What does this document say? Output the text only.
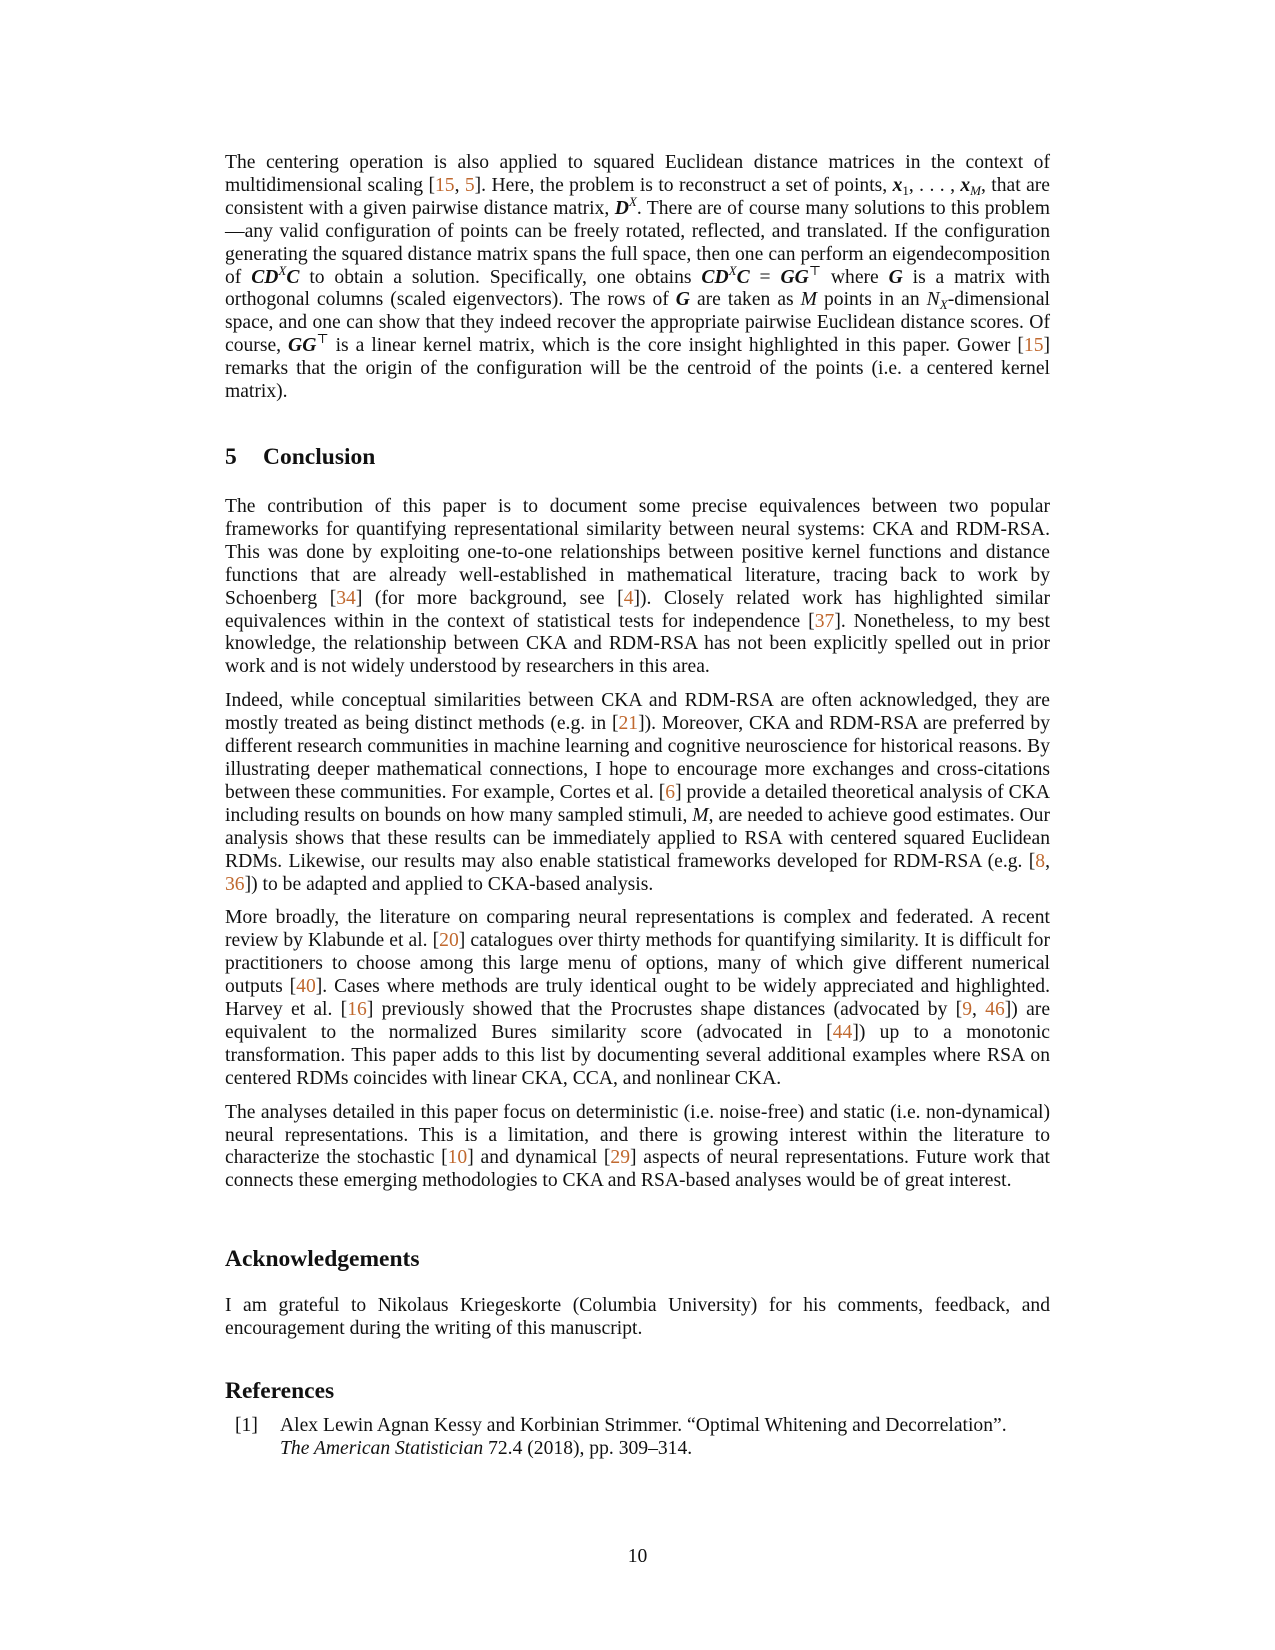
The centering operation is also applied to squared Euclidean distance matrices in the context of multidimensional scaling [15, 5]. Here, the problem is to reconstruct a set of points, $x_1$, . . . , $x_M$, that are consistent with a given pairwise distance matrix, $D^X$. There are of course many solutions to this problem—any valid configuration of points can be freely rotated, reflected, and translated. If the configuration generating the squared distance matrix spans the full space, then one can perform an eigendecomposition of $CD^XC$ to obtain a solution. Specifically, one obtains $CD^XC = GG^⊤$ where G is a matrix with orthogonal columns (scaled eigenvectors). The rows of G are taken as M points in an $N_X$-dimensional space, and one can show that they indeed recover the appropriate pairwise Euclidean distance scores. Of course, GG⊤ is a linear kernel matrix, which is the core insight highlighted in this paper. Gower [15] remarks that the origin of the configuration will be the centroid of the points (i.e. a centered kernel matrix).

5 Conclusion

The contribution of this paper is to document some precise equivalences between two popular frameworks for quantifying representational similarity between neural systems: CKA and RDM-RSA. This was done by exploiting one-to-one relationships between positive kernel functions and distance functions that are already well-established in mathematical literature, tracing back to work by Schoenberg [34] (for more background, see [4]). Closely related work has highlighted similar equivalences within in the context of statistical tests for independence [37]. Nonetheless, to my best knowledge, the relationship between CKA and RDM-RSA has not been explicitly spelled out in prior work and is not widely understood by researchers in this area.

Indeed, while conceptual similarities between CKA and RDM-RSA are often acknowledged, they are mostly treated as being distinct methods (e.g. in [21]). Moreover, CKA and RDM-RSA are preferred by different research communities in machine learning and cognitive neuroscience for historical reasons. By illustrating deeper mathematical connections, I hope to encourage more exchanges and cross-citations between these communities. For example, Cortes et al. [6] provide a detailed theoretical analysis of CKA including results on bounds on how many sampled stimuli, M, are needed to achieve good estimates. Our analysis shows that these results can be immediately applied to RSA with centered squared Euclidean RDMs. Likewise, our results may also enable statistical frameworks developed for RDM-RSA (e.g. [8, 36]) to be adapted and applied to CKA-based analysis.

More broadly, the literature on comparing neural representations is complex and federated. A recent review by Klabunde et al. [20] catalogues over thirty methods for quantifying similarity. It is difficult for practitioners to choose among this large menu of options, many of which give different numerical outputs [40]. Cases where methods are truly identical ought to be widely appreciated and highlighted. Harvey et al. [16] previously showed that the Procrustes shape distances (advocated by [9, 46]) are equivalent to the normalized Bures similarity score (advocated in [44]) up to a monotonic transformation. This paper adds to this list by documenting several additional examples where RSA on centered RDMs coincides with linear CKA, CCA, and nonlinear CKA.

The analyses detailed in this paper focus on deterministic (i.e. noise-free) and static (i.e. non-dynamical) neural representations. This is a limitation, and there is growing interest within the literature to characterize the stochastic [10] and dynamical [29] aspects of neural representations. Future work that connects these emerging methodologies to CKA and RSA-based analyses would be of great interest.

Acknowledgements

I am grateful to Nikolaus Kriegeskorte (Columbia University) for his comments, feedback, and encouragement during the writing of this manuscript.

References
[1] Alex Lewin Agnan Kessy and Korbinian Strimmer. “Optimal Whitening and Decorrelation”.
The American Statistician 72.4 (2018), pp. 309–314.

10
